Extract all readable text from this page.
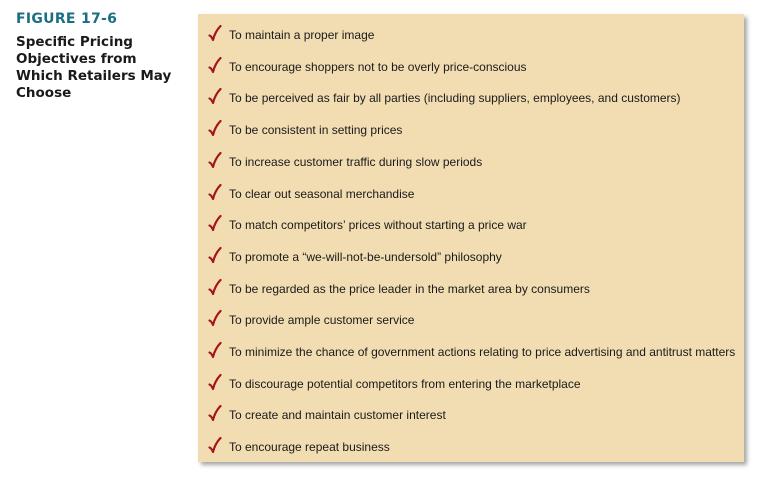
FIGURE 17-6
Specific Pricing Objectives from Which Retailers May Choose
To maintain a proper image
To encourage shoppers not to be overly price-conscious
To be perceived as fair by all parties (including suppliers, employees, and customers)
To be consistent in setting prices
To increase customer traffic during slow periods
To clear out seasonal merchandise
To match competitors’ prices without starting a price war
To promote a “we-will-not-be-undersold” philosophy
To be regarded as the price leader in the market area by consumers
To provide ample customer service
To minimize the chance of government actions relating to price advertising and antitrust matters
To discourage potential competitors from entering the marketplace
To create and maintain customer interest
To encourage repeat business
